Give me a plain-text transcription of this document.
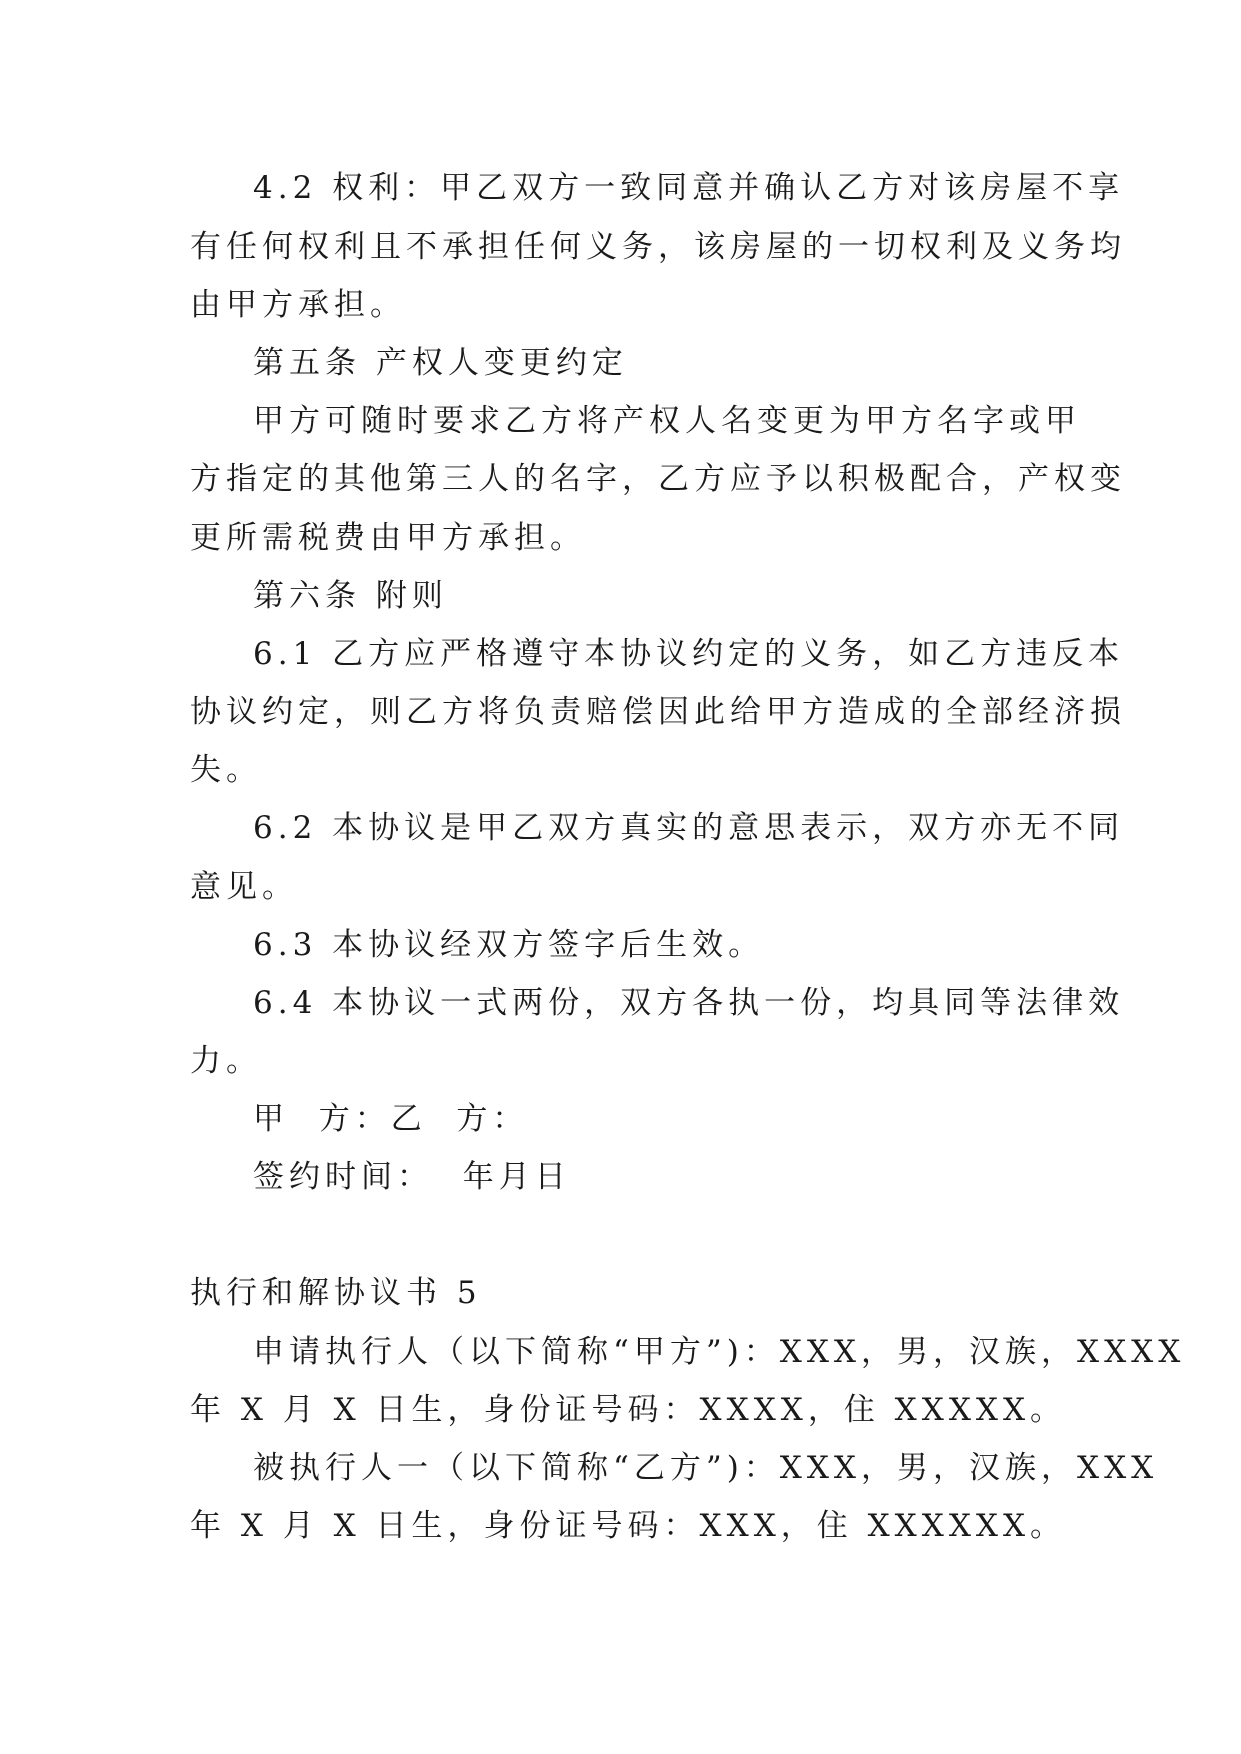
4.2 权利：甲乙双方一致同意并确认乙方对该房屋不享
有任何权利且不承担任何义务，该房屋的一切权利及义务均
由甲方承担。
第五条 产权人变更约定
甲方可随时要求乙方将产权人名变更为甲方名字或甲
方指定的其他第三人的名字，乙方应予以积极配合，产权变
更所需税费由甲方承担。
第六条 附则
6.1 乙方应严格遵守本协议约定的义务，如乙方违反本
协议约定，则乙方将负责赔偿因此给甲方造成的全部经济损
失。
6.2 本协议是甲乙双方真实的意思表示，双方亦无不同
意见。
6.3 本协议经双方签字后生效。
6.4 本协议一式两份，双方各执一份，均具同等法律效
力。
甲  方：乙  方：
签约时间：  年月日
执行和解协议书 5
申请执行人（以下简称“甲方”)：XXX，男，汉族，XXXX
年 X 月 X 日生，身份证号码：XXXX，住 XXXXX。
被执行人一（以下简称“乙方”)：XXX，男，汉族，XXX
年 X 月 X 日生，身份证号码：XXX，住 XXXXXX。
